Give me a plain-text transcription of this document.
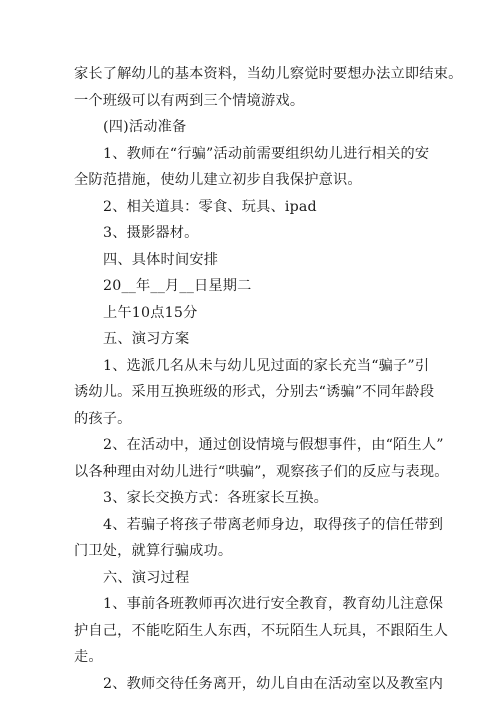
家长了解幼儿的基本资料，当幼儿察觉时要想办法立即结束。
一个班级可以有两到三个情境游戏。
(四)活动准备
1、教师在“行骗”活动前需要组织幼儿进行相关的安
全防范措施，使幼儿建立初步自我保护意识。
2、相关道具：零食、玩具、ipad
3、摄影器材。
四、具体时间安排
20__年__月__日星期二
上午10点15分
五、演习方案
1、选派几名从未与幼儿见过面的家长充当“骗子”引
诱幼儿。采用互换班级的形式，分别去“诱骗”不同年龄段
的孩子。
2、在活动中，通过创设情境与假想事件，由“陌生人”
以各种理由对幼儿进行“哄骗”，观察孩子们的反应与表现。
3、家长交换方式：各班家长互换。
4、若骗子将孩子带离老师身边，取得孩子的信任带到
门卫处，就算行骗成功。
六、演习过程
1、事前各班教师再次进行安全教育，教育幼儿注意保
护自己，不能吃陌生人东西，不玩陌生人玩具，不跟陌生人
走。
2、教师交待任务离开，幼儿自由在活动室以及教室内
